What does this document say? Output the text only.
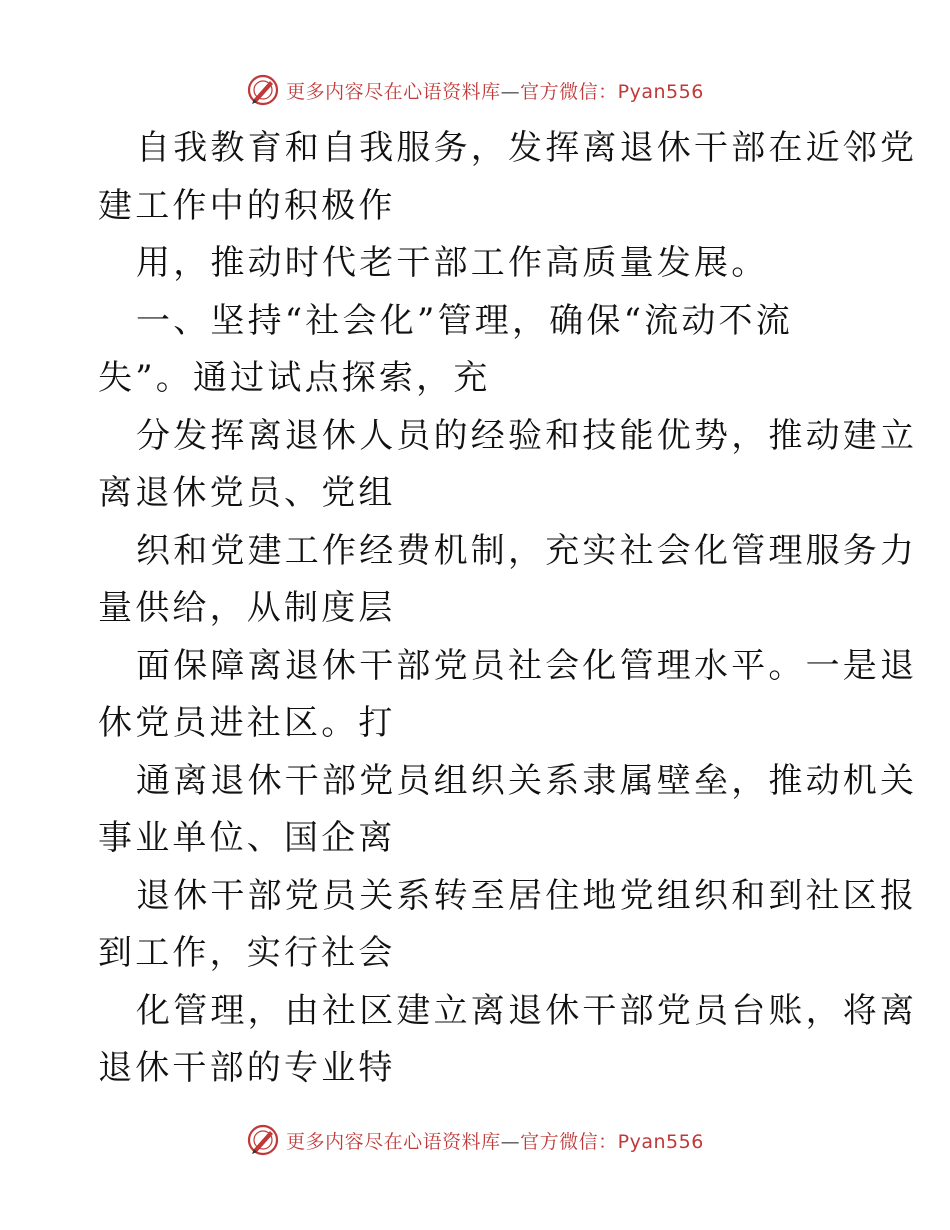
更多内容尽在心语资料库—官方微信：Pyan556
自我教育和自我服务，发挥离退休干部在近邻党
建工作中的积极作
用，推动时代老干部工作高质量发展。
一、坚持“社会化”管理，确保“流动不流
失”。通过试点探索，充
分发挥离退休人员的经验和技能优势，推动建立
离退休党员、党组
织和党建工作经费机制，充实社会化管理服务力
量供给，从制度层
面保障离退休干部党员社会化管理水平。一是退
休党员进社区。打
通离退休干部党员组织关系隶属壁垒，推动机关
事业单位、国企离
退休干部党员关系转至居住地党组织和到社区报
到工作，实行社会
化管理，由社区建立离退休干部党员台账，将离
退休干部的专业特
更多内容尽在心语资料库—官方微信：Pyan556
